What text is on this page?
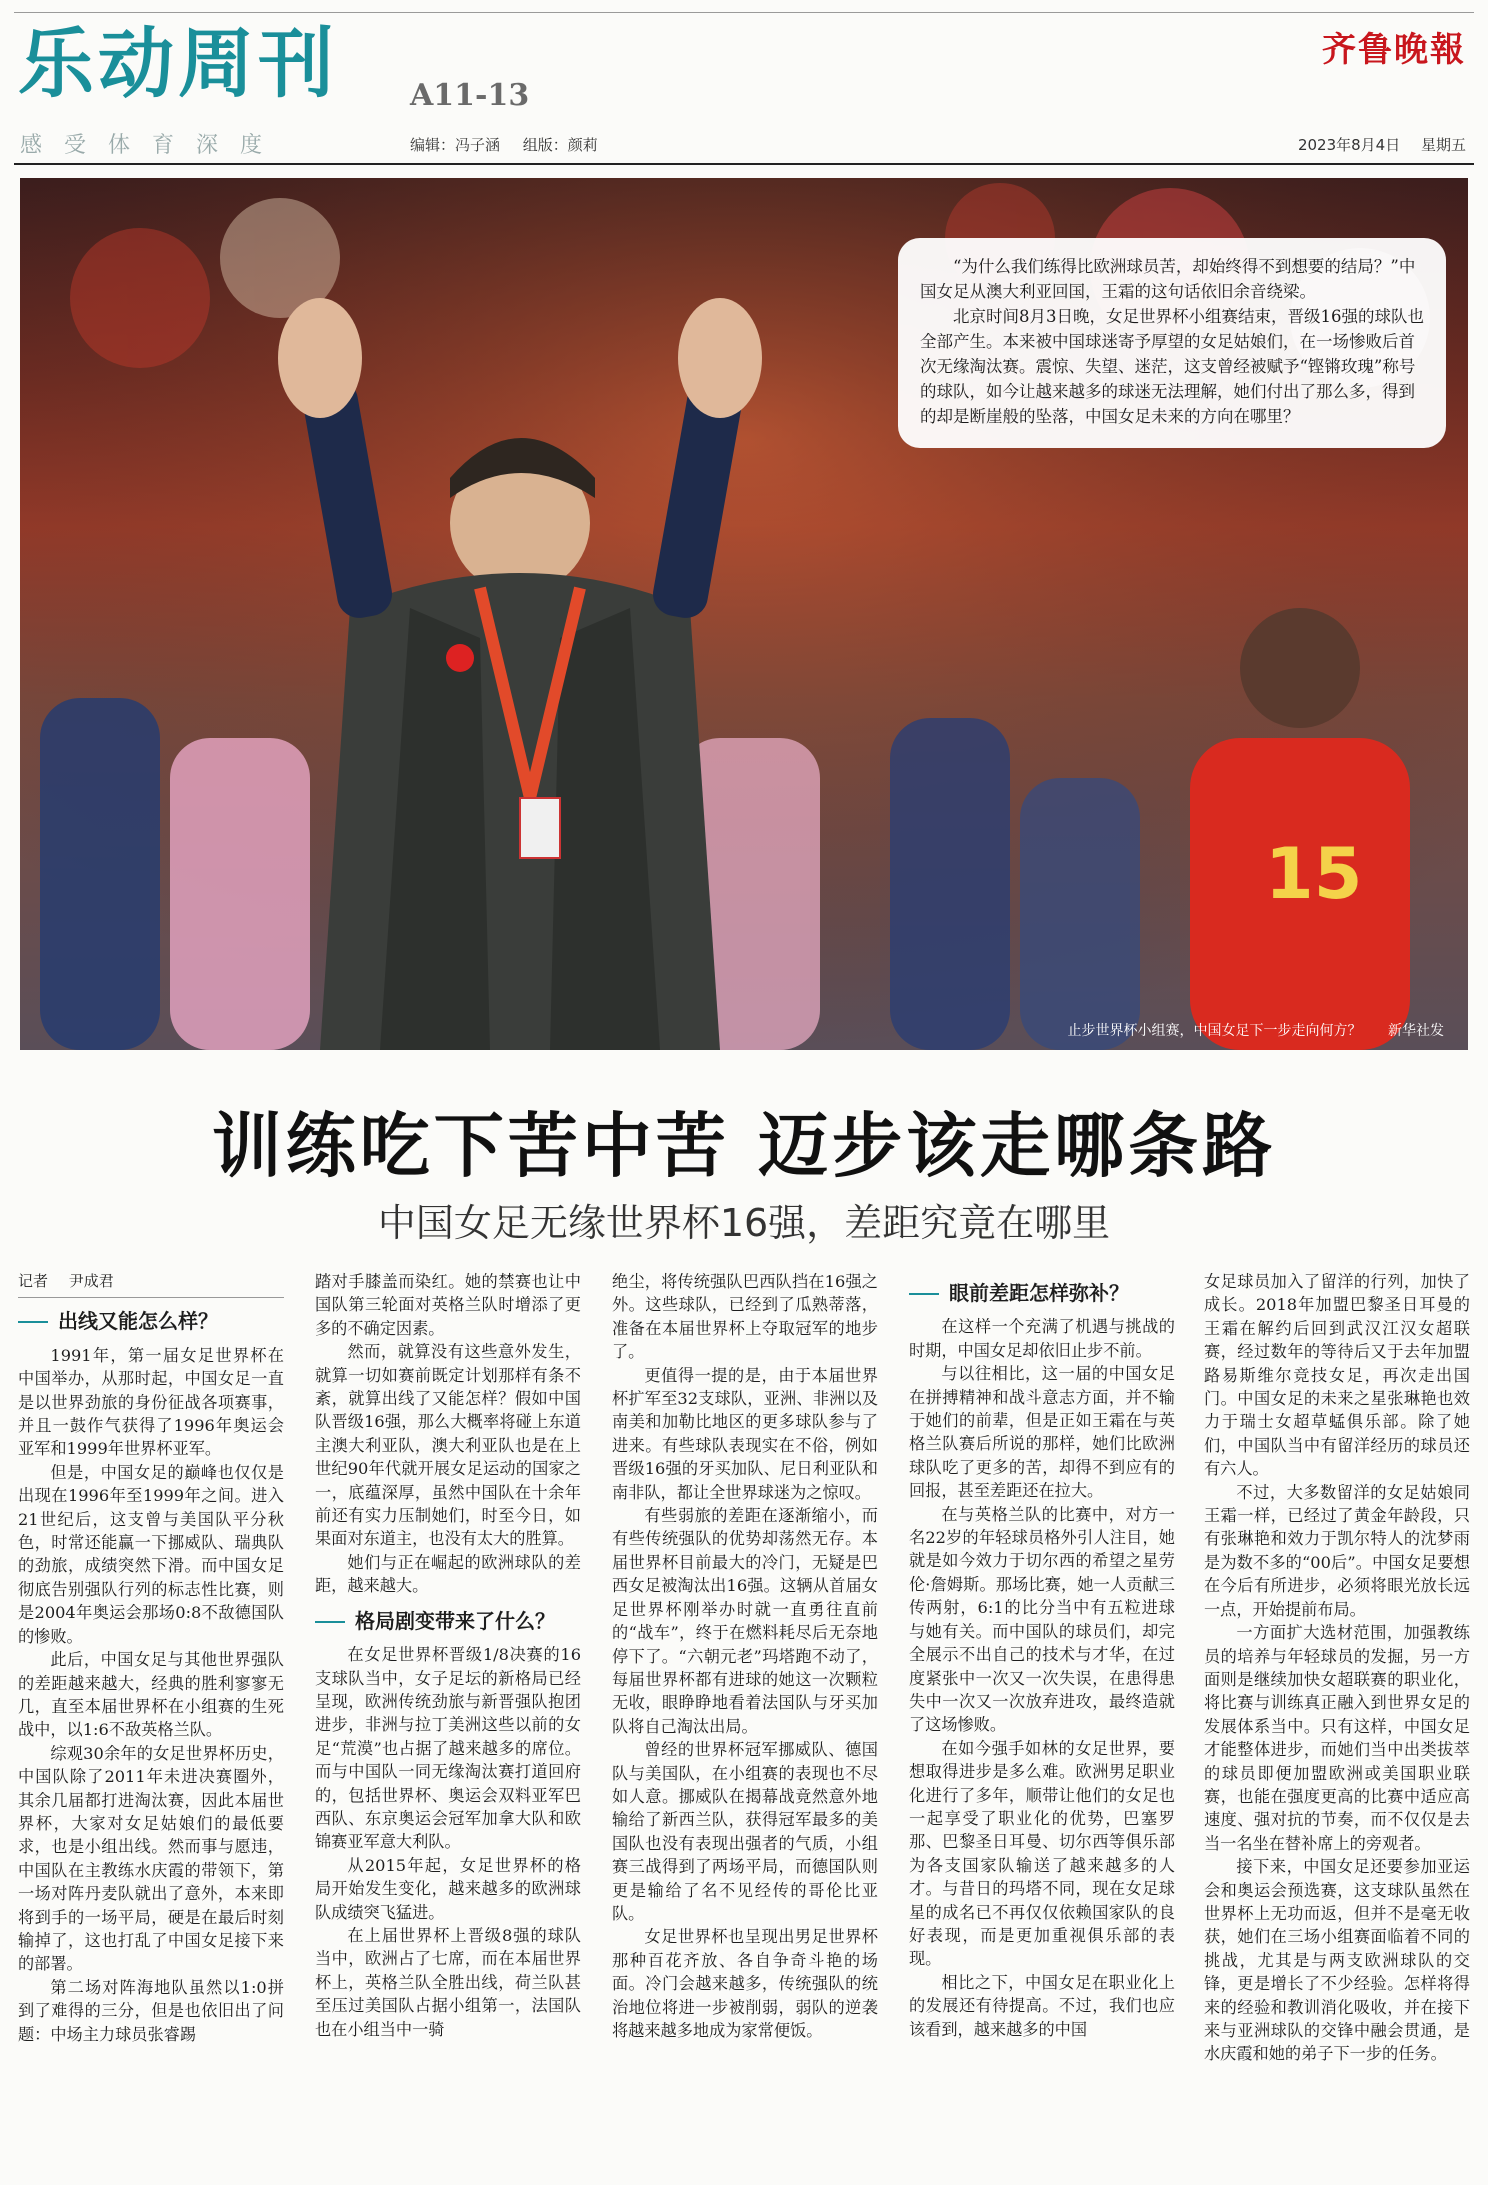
乐动周刊 A11-13
感受体育深度	编辑：冯子涵 组版：颜莉
齐鲁晚報
2023年8月4日 星期五
15

“为什么我们练得比欧洲球员苦，却始终得不到想要的结局？”中国女足从澳大利亚回国，王霜的这句话依旧余音绕梁。

北京时间8月3日晚，女足世界杯小组赛结束，晋级16强的球队也全部产生。本来被中国球迷寄予厚望的女足姑娘们，在一场惨败后首次无缘淘汰赛。震惊、失望、迷茫，这支曾经被赋予“铿锵玫瑰”称号的球队，如今让越来越多的球迷无法理解，她们付出了那么多，得到的却是断崖般的坠落，中国女足未来的方向在哪里？

止步世界杯小组赛，中国女足下一步走向何方？ 新华社发
训练吃下苦中苦 迈步该走哪条路
中国女足无缘世界杯16强，差距究竟在哪里
记者 尹成君

出线又能怎么样？

1991年，第一届女足世界杯在中国举办，从那时起，中国女足一直是以世界劲旅的身份征战各项赛事，并且一鼓作气获得了1996年奥运会亚军和1999年世界杯亚军。

但是，中国女足的巅峰也仅仅是出现在1996年至1999年之间。进入21世纪后，这支曾与美国队平分秋色，时常还能赢一下挪威队、瑞典队的劲旅，成绩突然下滑。而中国女足彻底告别强队行列的标志性比赛，则是2004年奥运会那场0:8不敌德国队的惨败。

此后，中国女足与其他世界强队的差距越来越大，经典的胜利寥寥无几，直至本届世界杯在小组赛的生死战中，以1:6不敌英格兰队。

综观30余年的女足世界杯历史，中国队除了2011年未进决赛圈外，其余几届都打进淘汰赛，因此本届世界杯，大家对女足姑娘们的最低要求，也是小组出线。然而事与愿违，中国队在主教练水庆霞的带领下，第一场对阵丹麦队就出了意外，本来即将到手的一场平局，硬是在最后时刻输掉了，这也打乱了中国女足接下来的部署。

第二场对阵海地队虽然以1:0拼到了难得的三分，但是也依旧出了问题：中场主力球员张睿踢

踏对手膝盖而染红。她的禁赛也让中国队第三轮面对英格兰队时增添了更多的不确定因素。

然而，就算没有这些意外发生，就算一切如赛前既定计划那样有条不紊，就算出线了又能怎样？假如中国队晋级16强，那么大概率将碰上东道主澳大利亚队，澳大利亚队也是在上世纪90年代就开展女足运动的国家之一，底蕴深厚，虽然中国队在十余年前还有实力压制她们，时至今日，如果面对东道主，也没有太大的胜算。

她们与正在崛起的欧洲球队的差距，越来越大。

格局剧变带来了什么？

在女足世界杯晋级1/8决赛的16支球队当中，女子足坛的新格局已经呈现，欧洲传统劲旅与新晋强队抱团进步，非洲与拉丁美洲这些以前的女足“荒漠”也占据了越来越多的席位。而与中国队一同无缘淘汰赛打道回府的，包括世界杯、奥运会双料亚军巴西队、东京奥运会冠军加拿大队和欧锦赛亚军意大利队。

从2015年起，女足世界杯的格局开始发生变化，越来越多的欧洲球队成绩突飞猛进。

在上届世界杯上晋级8强的球队当中，欧洲占了七席，而在本届世界杯上，英格兰队全胜出线，荷兰队甚至压过美国队占据小组第一，法国队也在小组当中一骑

绝尘，将传统强队巴西队挡在16强之外。这些球队，已经到了瓜熟蒂落，准备在本届世界杯上夺取冠军的地步了。

更值得一提的是，由于本届世界杯扩军至32支球队，亚洲、非洲以及南美和加勒比地区的更多球队参与了进来。有些球队表现实在不俗，例如晋级16强的牙买加队、尼日利亚队和南非队，都让全世界球迷为之惊叹。

有些弱旅的差距在逐渐缩小，而有些传统强队的优势却荡然无存。本届世界杯目前最大的冷门，无疑是巴西女足被淘汰出16强。这辆从首届女足世界杯刚举办时就一直勇往直前的“战车”，终于在燃料耗尽后无奈地停下了。“六朝元老”玛塔跑不动了，每届世界杯都有进球的她这一次颗粒无收，眼睁睁地看着法国队与牙买加队将自己淘汰出局。

曾经的世界杯冠军挪威队、德国队与美国队，在小组赛的表现也不尽如人意。挪威队在揭幕战竟然意外地输给了新西兰队，获得冠军最多的美国队也没有表现出强者的气质，小组赛三战得到了两场平局，而德国队则更是输给了名不见经传的哥伦比亚队。

女足世界杯也呈现出男足世界杯那种百花齐放、各自争奇斗艳的场面。冷门会越来越多，传统强队的统治地位将进一步被削弱，弱队的逆袭将越来越多地成为家常便饭。

眼前差距怎样弥补？

在这样一个充满了机遇与挑战的时期，中国女足却依旧止步不前。

与以往相比，这一届的中国女足在拼搏精神和战斗意志方面，并不输于她们的前辈，但是正如王霜在与英格兰队赛后所说的那样，她们比欧洲球队吃了更多的苦，却得不到应有的回报，甚至差距还在拉大。

在与英格兰队的比赛中，对方一名22岁的年轻球员格外引人注目，她就是如今效力于切尔西的希望之星劳伦·詹姆斯。那场比赛，她一人贡献三传两射，6:1的比分当中有五粒进球与她有关。而中国队的球员们，却完全展示不出自己的技术与才华，在过度紧张中一次又一次失误，在患得患失中一次又一次放弃进攻，最终造就了这场惨败。

在如今强手如林的女足世界，要想取得进步是多么难。欧洲男足职业化进行了多年，顺带让他们的女足也一起享受了职业化的优势，巴塞罗那、巴黎圣日耳曼、切尔西等俱乐部为各支国家队输送了越来越多的人才。与昔日的玛塔不同，现在女足球星的成名已不再仅仅依赖国家队的良好表现，而是更加重视俱乐部的表现。

相比之下，中国女足在职业化上的发展还有待提高。不过，我们也应该看到，越来越多的中国

女足球员加入了留洋的行列，加快了成长。2018年加盟巴黎圣日耳曼的王霜在解约后回到武汉江汉女超联赛，经过数年的等待后又于去年加盟路易斯维尔竞技女足，再次走出国门。中国女足的未来之星张琳艳也效力于瑞士女超草蜢俱乐部。除了她们，中国队当中有留洋经历的球员还有六人。

不过，大多数留洋的女足姑娘同王霜一样，已经过了黄金年龄段，只有张琳艳和效力于凯尔特人的沈梦雨是为数不多的“00后”。中国女足要想在今后有所进步，必须将眼光放长远一点，开始提前布局。

一方面扩大选材范围，加强教练员的培养与年轻球员的发掘，另一方面则是继续加快女超联赛的职业化，将比赛与训练真正融入到世界女足的发展体系当中。只有这样，中国女足才能整体进步，而她们当中出类拔萃的球员即便加盟欧洲或美国职业联赛，也能在强度更高的比赛中适应高速度、强对抗的节奏，而不仅仅是去当一名坐在替补席上的旁观者。

接下来，中国女足还要参加亚运会和奥运会预选赛，这支球队虽然在世界杯上无功而返，但并不是毫无收获，她们在三场小组赛面临着不同的挑战，尤其是与两支欧洲球队的交锋，更是增长了不少经验。怎样将得来的经验和教训消化吸收，并在接下来与亚洲球队的交锋中融会贯通，是水庆霞和她的弟子下一步的任务。
